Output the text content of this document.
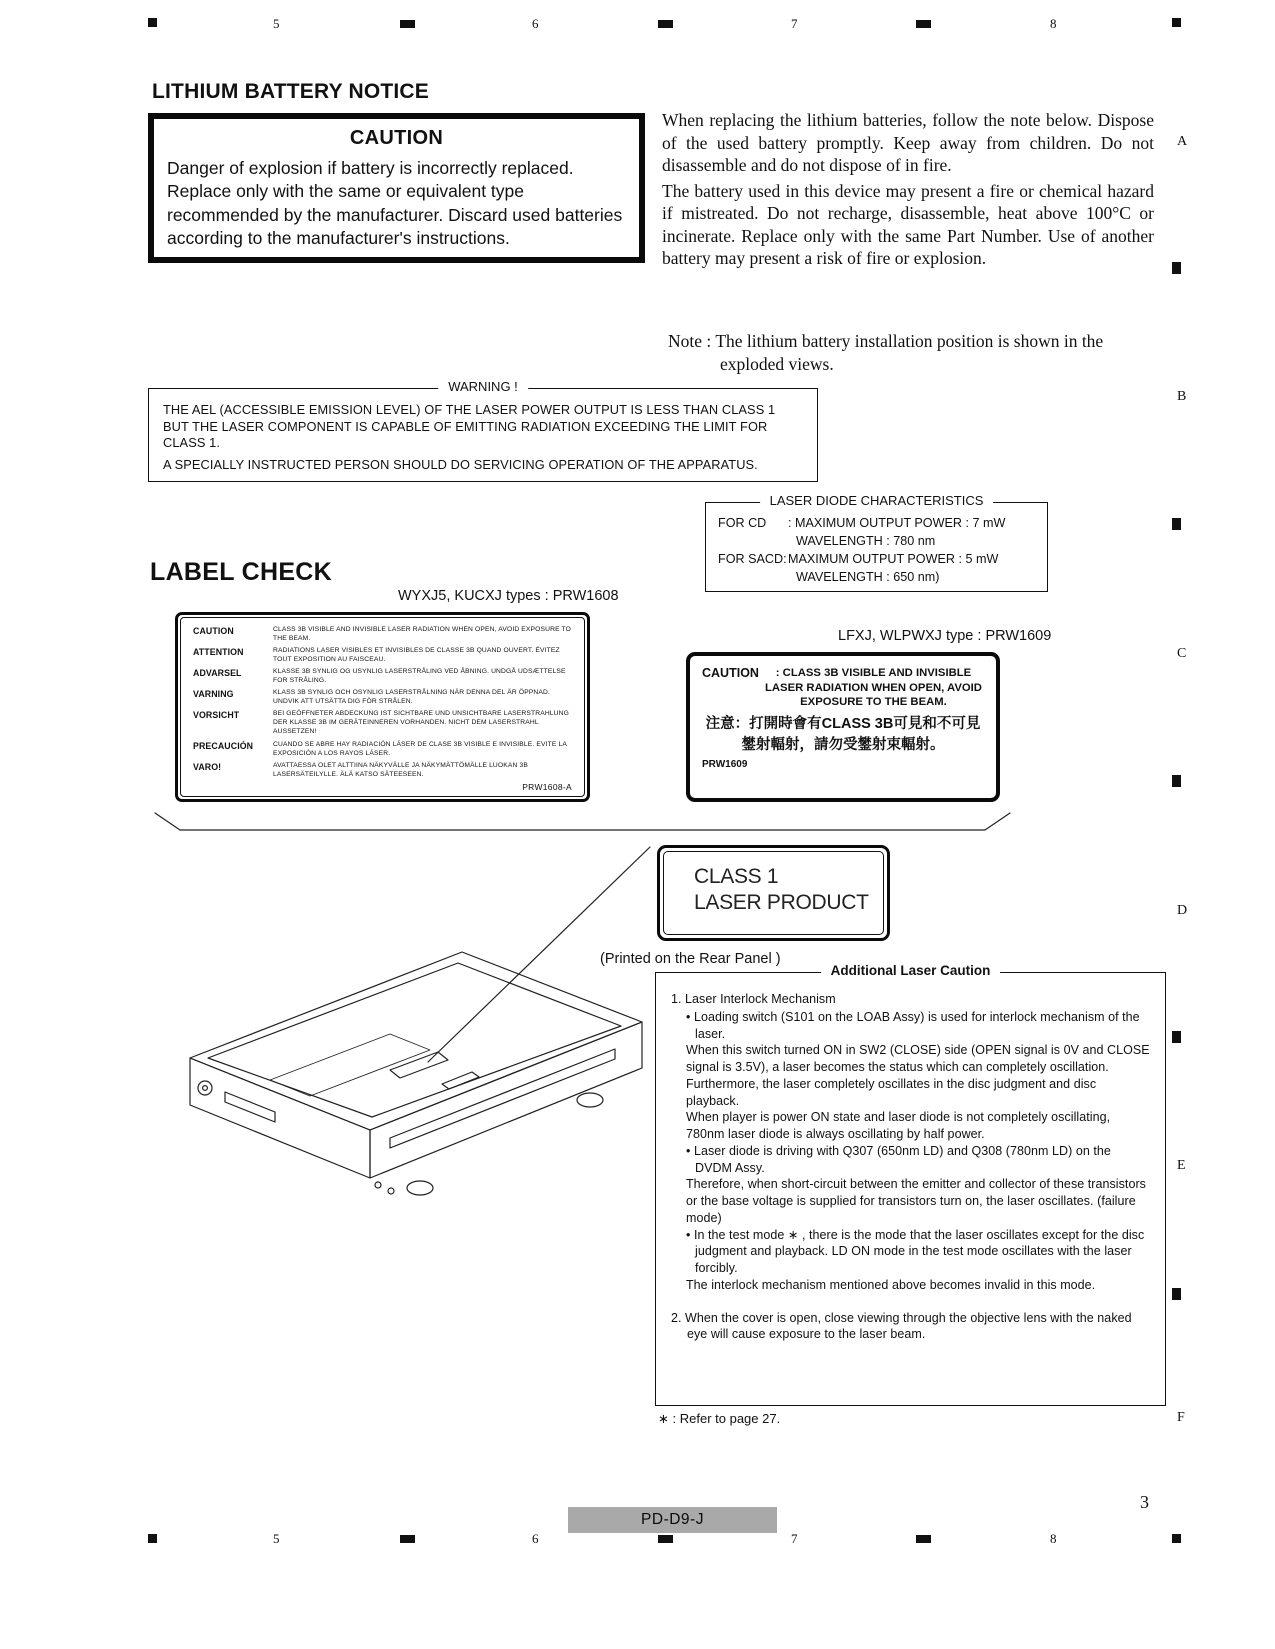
5	6	7	8
A
B
C
D
E
F
LITHIUM BATTERY NOTICE
CAUTION
Danger of explosion if battery is incorrectly replaced. Replace only with the same or equivalent type recommended by the manufacturer. Discard used batteries according to the manufacturer's instructions.

When replacing the lithium batteries, follow the note below. Dispose of the used battery promptly. Keep away from children. Do not disassemble and do not dispose of in fire.

The battery used in this device may present a fire or chemical hazard if mistreated. Do not recharge, disassemble, heat above 100°C or incinerate. Replace only with the same Part Number. Use of another battery may present a risk of fire or explosion.

Note : The lithium battery installation position is shown in the exploded views.
WARNING !
THE AEL (ACCESSIBLE EMISSION LEVEL) OF THE LASER POWER OUTPUT IS LESS THAN CLASS 1 BUT THE LASER COMPONENT IS CAPABLE OF EMITTING RADIATION EXCEEDING THE LIMIT FOR CLASS 1.
A SPECIALLY INSTRUCTED PERSON SHOULD DO SERVICING OPERATION OF THE APPARATUS.
LASER DIODE CHARACTERISTICS
FOR CD	: MAXIMUM OUTPUT POWER : 7 mW
WAVELENGTH : 780 nm
FOR SACD: MAXIMUM OUTPUT POWER : 5 mW
WAVELENGTH : 650 nm)
LABEL CHECK
WYXJ5, KUCXJ types : PRW1608
CAUTION	CLASS 3B VISIBLE AND INVISIBLE LASER RADIATION WHEN OPEN, AVOID EXPOSURE TO THE BEAM.
ATTENTION	RADIATIONS LASER VISIBLES ET INVISIBLES DE CLASSE 3B QUAND OUVERT. ÉVITEZ TOUT EXPOSITION AU FAISCEAU.
ADVARSEL	KLASSE 3B SYNLIG OG USYNLIG LASERSTRÅLING VED ÅBNING. UNDGÅ UDSÆTTELSE FOR STRÅLING.
VARNING	KLASS 3B SYNLIG OCH OSYNLIG LASERSTRÅLNING NÄR DENNA DEL ÄR ÖPPNAD. UNDVIK ATT UTSÄTTA DIG FÖR STRÅLEN.
VORSICHT	BEI GEÖFFNETER ABDECKUNG IST SICHTBARE UND UNSICHTBARE LASERSTRAHLUNG DER KLASSE 3B IM GERÄTEINNEREN VORHANDEN. NICHT DEM LASERSTRAHL AUSSETZEN!
PRECAUCIÓN	CUANDO SE ABRE HAY RADIACIÓN LÁSER DE CLASE 3B VISIBLE E INVISIBLE. EVITE LA EXPOSICIÓN A LOS RAYOS LÁSER.
VARO!	AVATTAESSA OLET ALTTIINA NÄKYVÄLLE JA NÄKYMÄTTÖMÄLLE LUOKAN 3B LASERSÄTEILYLLE. ÄLÄ KATSO SÄTEESEEN.
PRW1608-A
LFXJ, WLPWXJ type : PRW1609
CAUTION	: CLASS 3B VISIBLE AND INVISIBLE LASER RADIATION WHEN OPEN, AVOID EXPOSURE TO THE BEAM.
注意：打開時會有CLASS 3B可見和不可見
鐢射輻射，請勿受鐢射束輻射。
PRW1609
CLASS 1
LASER PRODUCT
(Printed on the Rear Panel )
Additional Laser Caution
1. Laser Interlock Mechanism
• Loading switch (S101 on the LOAB Assy) is used for interlock mechanism of the laser.
When this switch turned ON in SW2 (CLOSE) side (OPEN signal is 0V and CLOSE signal is 3.5V), a laser becomes the status which can completely oscillation.
Furthermore, the laser completely oscillates in the disc judgment and disc playback.
When player is power ON state and laser diode is not completely oscillating, 780nm laser diode is always oscillating by half power.
• Laser diode is driving with Q307 (650nm LD) and Q308 (780nm LD) on the DVDM Assy.
Therefore, when short-circuit between the emitter and collector of these transistors or the base voltage is supplied for transistors turn on, the laser oscillates. (failure mode)
• In the test mode ∗ , there is the mode that the laser oscillates except for the disc judgment and playback. LD ON mode in the test mode oscillates with the laser forcibly.
The interlock mechanism mentioned above becomes invalid in this mode.
2. When the cover is open, close viewing through the objective lens with the naked eye will cause exposure to the laser beam.
∗ : Refer to page 27.
PD-D9-J
3
5	6	7	8
